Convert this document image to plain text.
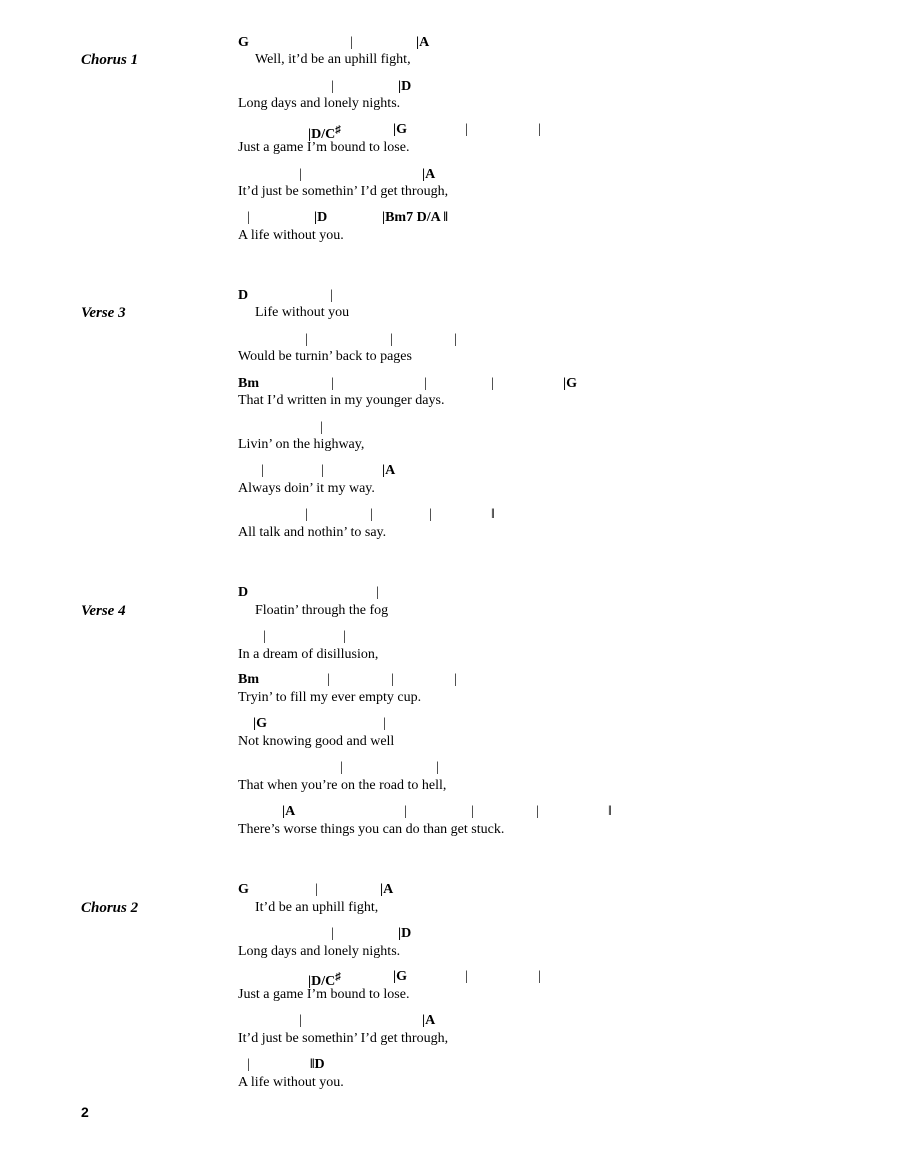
Chorus 1
G	|	|A
Well, it’d be an uphill fight,
|	|D
Long days and lonely nights.
|D/C♯	|G	|	|
Just a game I’m bound to lose.
|	|A
It’d just be somethin’ I’d get through,
|	|D	|Bm7 D/A ‖
A life without you.
Verse 3
D	|
Life without you
|	|	|
Would be turnin’ back to pages
Bm	|	|	|	|G
That I’d written in my younger days.
|
Livin’ on the highway,
|	|	|A
Always doin’ it my way.
|	|	|	‖
All talk and nothin’ to say.
Verse 4
D	|
Floatin’ through the fog
|	|
In a dream of disillusion,
Bm	|	|	|
Tryin’ to fill my ever empty cup.
|G	|
Not knowing good and well
|	|
That when you’re on the road to hell,
|A	|	|	|	‖
There’s worse things you can do than get stuck.
Chorus 2
G	|	|A
It’d be an uphill fight,
|	|D
Long days and lonely nights.
|D/C♯	|G	|	|
Just a game I’m bound to lose.
|	|A
It’d just be somethin’ I’d get through,
|	‖D
A life without you.
2
